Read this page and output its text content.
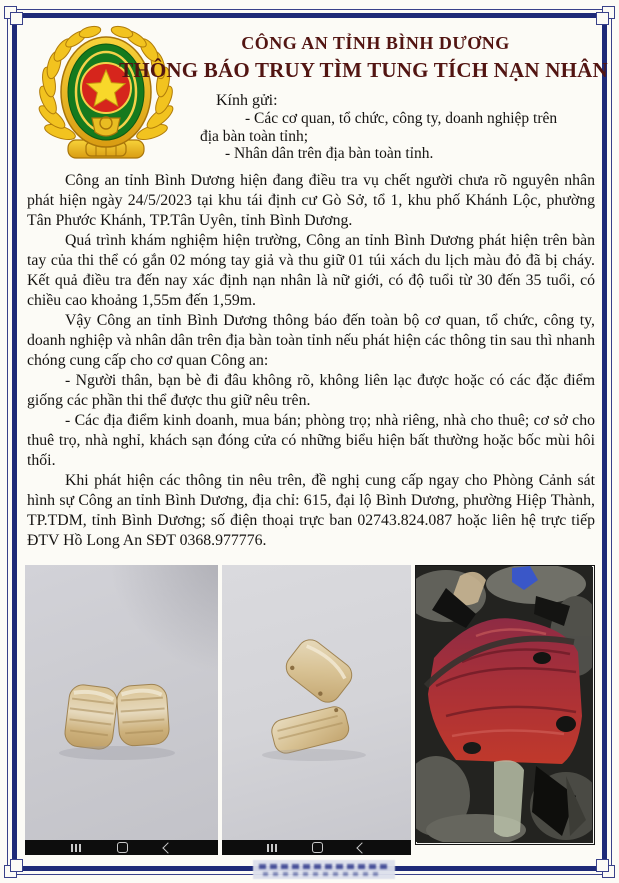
CÔNG AN TỈNH BÌNH DƯƠNG
THÔNG BÁO TRUY TÌM TUNG TÍCH NẠN NHÂN
Kính gửi:
- Các cơ quan, tổ chức, công ty, doanh nghiệp trên
địa bàn toàn tỉnh;
- Nhân dân trên địa bàn toàn tỉnh.

Công an tỉnh Bình Dương hiện đang điều tra vụ chết người chưa rõ nguyên nhân phát hiện ngày 24/5/2023 tại khu tái định cư Gò Sở, tổ 1, khu phố Khánh Lộc, phường Tân Phước Khánh, TP.Tân Uyên, tỉnh Bình Dương.

Quá trình khám nghiệm hiện trường, Công an tỉnh Bình Dương phát hiện trên bàn tay của thi thể có gắn 02 móng tay giả và thu giữ 01 túi xách du lịch màu đỏ đã bị cháy. Kết quả điều tra đến nay xác định nạn nhân là nữ giới, có độ tuổi từ 30 đến 35 tuổi, có chiều cao khoảng 1,55m đến 1,59m.

Vậy Công an tỉnh Bình Dương thông báo đến toàn bộ cơ quan, tổ chức, công ty, doanh nghiệp và nhân dân trên địa bàn toàn tỉnh nếu phát hiện các thông tin sau thì nhanh chóng cung cấp cho cơ quan Công an:

- Người thân, bạn bè đi đâu không rõ, không liên lạc được hoặc có các đặc điểm giống các phần thi thể được thu giữ nêu trên.

- Các địa điểm kinh doanh, mua bán; phòng trọ; nhà riêng, nhà cho thuê; cơ sở cho thuê trọ, nhà nghỉ, khách sạn đóng cửa có những biểu hiện bất thường hoặc bốc mùi hôi thối.

Khi phát hiện các thông tin nêu trên, đề nghị cung cấp ngay cho Phòng Cảnh sát hình sự Công an tỉnh Bình Dương, địa chỉ: 615, đại lộ Bình Dương, phường Hiệp Thành, TP.TDM, tỉnh Bình Dương; số điện thoại trực ban 02743.824.087 hoặc liên hệ trực tiếp ĐTV Hồ Long An SĐT 0368.977776.
